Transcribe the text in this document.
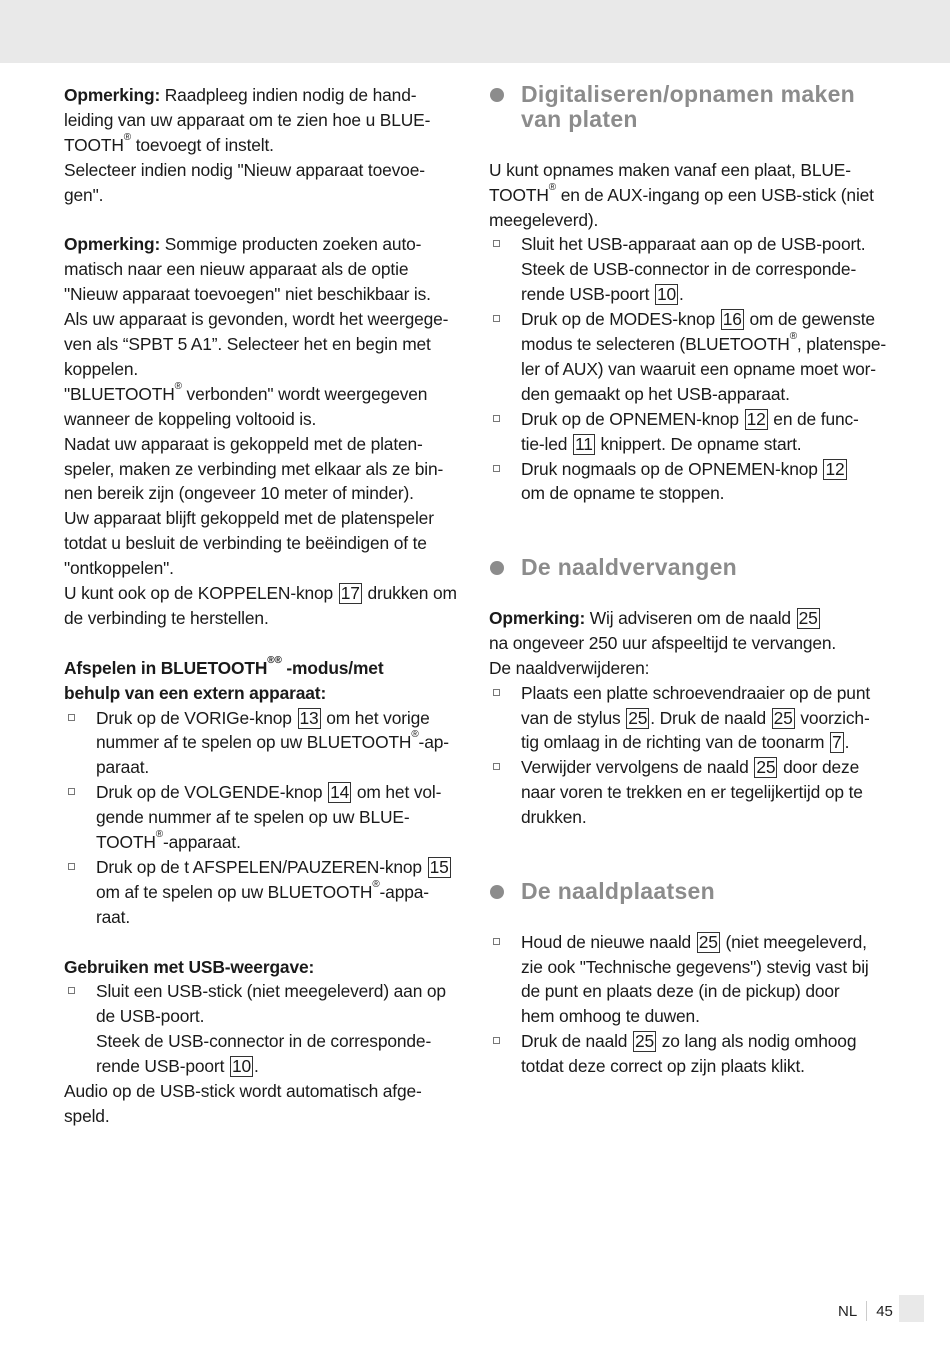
Opmerking: Raadpleeg indien nodig de hand-
leiding van uw apparaat om te zien hoe u BLUE-
TOOTH® toevoegt of instelt.
Selecteer indien nodig "Nieuw apparaat toevoe-
gen".
Opmerking: Sommige producten zoeken auto-
matisch naar een nieuw apparaat als de optie
"Nieuw apparaat toevoegen" niet beschikbaar is.
Als uw apparaat is gevonden, wordt het weergege-
ven als “SPBT 5 A1”. Selecteer het en begin met
koppelen.
"BLUETOOTH® verbonden" wordt weergegeven
wanneer de koppeling voltooid is.
Nadat uw apparaat is gekoppeld met de platen-
speler, maken ze verbinding met elkaar als ze bin-
nen bereik zijn (ongeveer 10 meter of minder).
Uw apparaat blijft gekoppeld met de platenspeler
totdat u besluit de verbinding te beëindigen of te
"ontkoppelen".
U kunt ook op de KOPPELEN-knop 17 drukken om
de verbinding te herstellen.
Afspelen in BLUETOOTH®® -modus/met
behulp van een extern apparaat:
Druk op de VORIGe-knop 13 om het vorige
nummer af te spelen op uw BLUETOOTH®-ap-
paraat.
Druk op de VOLGENDE-knop 14 om het vol-
gende nummer af te spelen op uw BLUE-
TOOTH®-apparaat.
Druk op de t AFSPELEN/PAUZEREN-knop 15
om af te spelen op uw BLUETOOTH®-appa-
raat.
Gebruiken met USB-weergave:
Sluit een USB-stick (niet meegeleverd) aan op
de USB-poort.
Steek de USB-connector in de corresponde-
rende USB-poort 10 .
Audio op de USB-stick wordt automatisch afge-
speld.
Digitaliseren/opnamen maken
van platen
U kunt opnames maken vanaf een plaat, BLUE-
TOOTH® en de AUX-ingang op een USB-stick (niet
meegeleverd).
Sluit het USB-apparaat aan op de USB-poort.
Steek de USB-connector in de corresponde-
rende USB-poort 10 .
Druk op de MODES-knop 16 om de gewenste
modus te selecteren (BLUETOOTH®, platenspe-
ler of AUX) van waaruit een opname moet wor-
den gemaakt op het USB-apparaat.
Druk op de OPNEMEN-knop 12 en de func-
tie-led 11 knippert. De opname start.
Druk nogmaals op de OPNEMEN-knop 12
om de opname te stoppen.
De naaldvervangen
Opmerking: Wij adviseren om de naald 25
na ongeveer 250 uur afspeeltijd te vervangen.
De naaldverwijderen:
Plaats een platte schroevendraaier op de punt
van de stylus 25 . Druk de naald 25 voorzich-
tig omlaag in de richting van de toonarm 7 .
Verwijder vervolgens de naald 25 door deze
naar voren te trekken en er tegelijkertijd op te
drukken.
De naaldplaatsen
Houd de nieuwe naald 25 (niet meegeleverd,
zie ook "Technische gegevens") stevig vast bij
de punt en plaats deze (in de pickup) door
hem omhoog te duwen.
Druk de naald 25 zo lang als nodig omhoog
totdat deze correct op zijn plaats klikt.
NL 45
